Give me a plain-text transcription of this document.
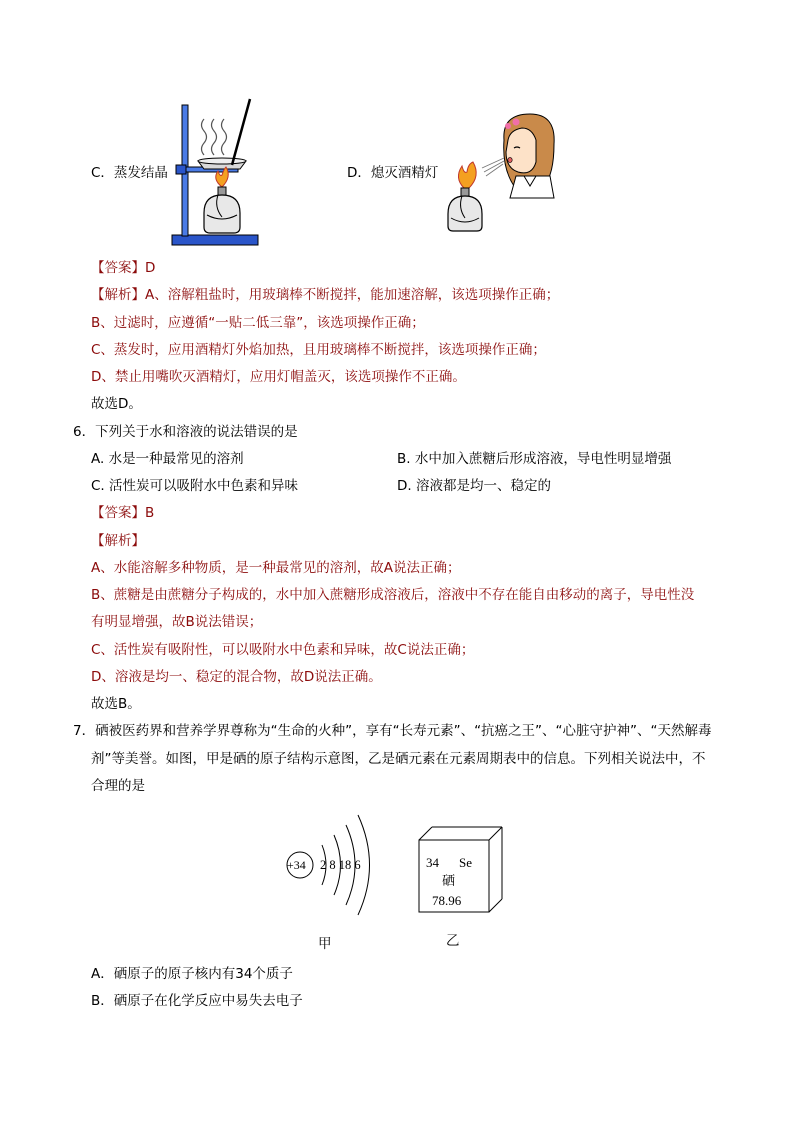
C．蒸发结晶	D．熄灭酒精灯
【答案】D
【解析】A、溶解粗盐时，用玻璃棒不断搅拌，能加速溶解，该选项操作正确；
B、过滤时，应遵循“一贴二低三靠”，该选项操作正确；
C、蒸发时，应用酒精灯外焰加热，且用玻璃棒不断搅拌，该选项操作正确；
D、禁止用嘴吹灭酒精灯，应用灯帽盖灭，该选项操作不正确。
故选D。
6．下列关于水和溶液的说法错误的是
A. 水是一种最常见的溶剂	B. 水中加入蔗糖后形成溶液，导电性明显增强
C. 活性炭可以吸附水中色素和异味	D. 溶液都是均一、稳定的
【答案】B
【解析】
A、水能溶解多种物质，是一种最常见的溶剂，故A说法正确；
B、蔗糖是由蔗糖分子构成的，水中加入蔗糖形成溶液后，溶液中不存在能自由移动的离子，导电性没
有明显增强，故B说法错误；
C、活性炭有吸附性，可以吸附水中色素和异味，故C说法正确；
D、溶液是均一、稳定的混合物，故D说法正确。
故选B。
7．硒被医药界和营养学界尊称为“生命的火种”，享有“长寿元素”、“抗癌之王”、“心脏守护神”、“天然解毒
剂”等美誉。如图，甲是硒的原子结构示意图，乙是硒元素在元素周期表中的信息。下列相关说法中，不
合理的是
+34 2 8 18 6
甲
34 Se
硒
78.96
乙
A．硒原子的原子核内有34个质子
B．硒原子在化学反应中易失去电子
